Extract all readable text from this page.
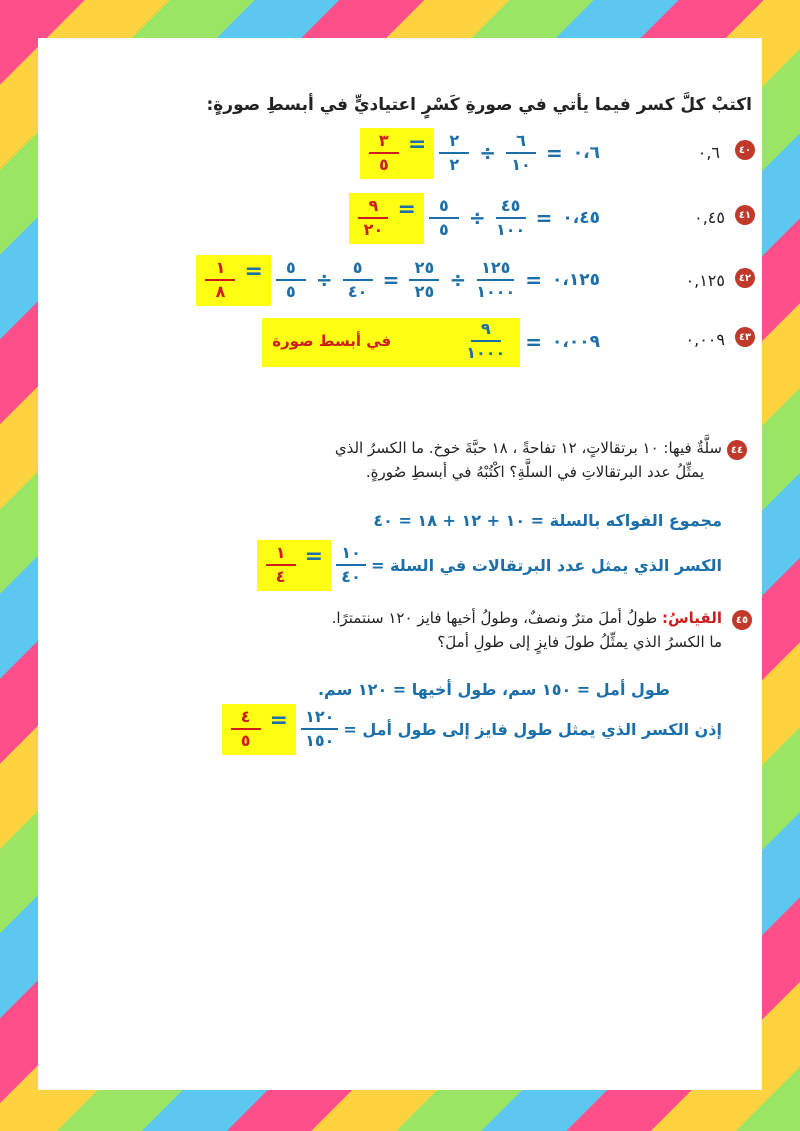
اكتبْ كلَّ كسر فيما يأتي في صورةِ كَسْرٍ اعتياديٍّ في أبسطِ صورةٍ:
٤٠
٠,٦
٠،٦
=
$\frac{٦}{١٠}$
÷
$\frac{٢}{٢}$
=
$\frac{٣}{٥}$
٤١
٠,٤٥
٠،٤٥
=
$\frac{٤٥}{١٠٠}$
÷
$\frac{٥}{٥}$
=
$\frac{٩}{٢٠}$
٤٢
٠,١٢٥
٠،١٢٥
=
$\frac{١٢٥}{١٠٠٠}$
÷
$\frac{٢٥}{٢٥}$
=
$\frac{٥}{٤٠}$
÷
$\frac{٥}{٥}$
=
$\frac{١}{٨}$
٤٣
٠,٠٠٩
٠،٠٠٩
=
$\frac{٩}{١٠٠٠}$
في أبسط صورة
٤٤
سلَّةٌ فيها: ١٠ برتقالاتٍ، ١٢ تفاحةً ، ١٨ حبَّةَ خوخ. ما الكسرُ الذي
يمثِّلُ عدد البرتقالاتِ في السلَّةِ؟ اكْتُبْهُ في أبسطِ صُورةٍ.
مجموع الفواكه بالسلة = ١٠ + ١٢ + ١٨ = ٤٠
الكسر الذي يمثل عدد البرتقالات في السلة =
$\frac{١٠}{٤٠}$
=
$\frac{١}{٤}$
٤٥
القياسُ: طولُ أملَ مترٌ ونصفٌ، وطولُ أخيها فايز ١٢٠ سنتمترًا.
ما الكسرُ الذي يمثِّلُ طولَ فايزٍ إلى طولِ أملَ؟
طول أمل = ١٥٠ سم، طول أخيها = ١٢٠ سم.
إذن الكسر الذي يمثل طول فايز إلى طول أمل =
$\frac{١٢٠}{١٥٠}$
=
$\frac{٤}{٥}$
